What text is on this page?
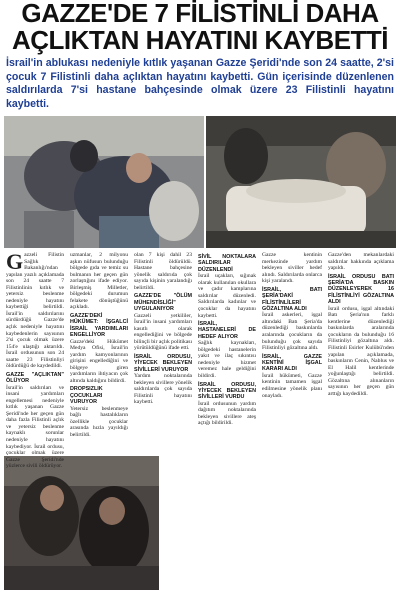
GAZZE'DE 7 FİLİSTİNLİ DAHA
AÇLIKTAN HAYATINI KAYBETTİ
İsrail'in ablukası nedeniyle kıtlık yaşanan Gazze Şeridi'nde son 24 saatte, 2'si çocuk 7 Filistinli daha açlıktan hayatını kaybetti. Gün içerisinde düzenlenen saldırılarda 7'si hastane bahçesinde olmak üzere 23 Filistinli hayatını kaybetti.

Gazzeli Filistin Sağlık Bakanlığı'ndan yapılan yazılı açıklamada son 24 saatte 7 Filistinlinin kıtlık ve yetersiz beslenme nedeniyle hayatını kaybettiği belirtildi. İsrail'in saldırılarını sürdürdüğü Gazze'de açlık nedeniyle hayatını kaybedenlerin sayısının 2'si çocuk olmak üzere 154'e ulaştığı aktarıldı. İsrail ordusunun son 24 saatte 23 Filistinliyi öldürdüğü de kaydedildi.

GAZZE "AÇLIKTAN" ÖLÜYOR

İsrail'in saldırıları ve insani yardımları engellemesi nedeniyle kıtlık yaşanan Gazze Şeridi'nde her geçen gün daha fazla Filistinli açlık ve yetersiz beslenme kaynaklı sorunlar nedeniyle hayatını kaybediyor. İsrail ordusu, çocuklar olmak üzere Gazze Şeridi'nde yüzlerce sivili öldürüyor.

uzmanlar, 2 milyonu aşkın nüfusun bulunduğu bölgede gıda ve temiz su bulmanın her geçen gün zorlaştığını ifade ediyor. Birleşmiş Milletler, bölgedeki durumun felakete dönüştüğünü açıkladı.

GAZZE'DEKİ HÜKÜMET: İŞGALCİ İSRAİL YARDIMLARI ENGELLİYOR

Gazze'deki Hükümet Medya Ofisi, İsrail'in yardım kamyonlarının girişini engellediğini ve bölgeye giren yardımların ihtiyacın çok altında kaldığını bildirdi.

DROPSIZLIK ÇOCUKLARI VURUYOR

Yetersiz beslenmeye bağlı hastalıkların özellikle çocuklar arasında hızla yayıldığı belirtildi.

olan 7 kişi dahil 23 Filistinli öldürüldü. Hastane bahçesine yönelik saldırıda çok sayıda kişinin yaralandığı belirtildi.

GAZZE'DE "ÖLÜM MÜHENDİSLİĞİ" UYGULANIYOR

Gazzeli yetkililer, İsrail'in insani yardımları kasıtlı olarak engellediğini ve bölgede bilinçli bir açlık politikası yürütüldüğünü ifade etti.

İSRAİL ORDUSU, YİYECEK BEKLEYEN SİVİLLERİ VURUYOR

Yardım noktalarında bekleyen sivillere yönelik saldırılarda çok sayıda Filistinli hayatını kaybetti.

SİVİL NOKTALARA SALDIRILAR DÜZENLENDİ

İsrail uçakları, sığınak olarak kullanılan okullara ve çadır kamplarına saldırılar düzenledi. Saldırılarda kadınlar ve çocuklar da hayatını kaybetti.

İSRAİL, HASTANELERİ DE HEDEF ALIYOR

Sağlık kaynakları, bölgedeki hastanelerin yakıt ve ilaç sıkıntısı nedeniyle hizmet veremez hale geldiğini bildirdi.

İSRAİL ORDUSU, YİYECEK BEKLEYEN SİVİLLERİ VURDU

İsrail ordusunun yardım dağıtım noktalarında bekleyen sivillere ateş açtığı bildirildi.

Gazze kentinin merkezinde yardım bekleyen siviller hedef alındı. Saldırılarda onlarca kişi yaralandı.

İSRAİL, BATI ŞERİA'DAKİ FİLİSTİNLİLERİ GÖZALTINA ALDI

İsrail askerleri, işgal altındaki Batı Şeria'da düzenlediği baskınlarda aralarında çocukların da bulunduğu çok sayıda Filistinliyi gözaltına aldı.

İSRAİL, GAZZE KENTİNİ İŞGAL KARARI ALDI

İsrail hükümeti, Gazze kentinin tamamen işgal edilmesine yönelik planı onayladı.

Gazze'den mekanlardaki saldırılar hakkında açıklama yapıldı.

İSRAİL ORDUSU BATI ŞERİA'DA BASKIN DÜZENLEYEREK 16 FİLİSTİNLİYİ GÖZALTINA ALDI

İsrail ordusu, işgal altındaki Batı Şeria'nın farklı kentlerine düzenlediği baskınlarda aralarında çocukların da bulunduğu 16 Filistinliyi gözaltına aldı. Filistinli Esirler Kulübü'nden yapılan açıklamada, baskınların Cenin, Nablus ve El Halil kentlerinde yoğunlaştığı belirtildi. Gözaltına alınanların sayısının her geçen gün arttığı kaydedildi.
